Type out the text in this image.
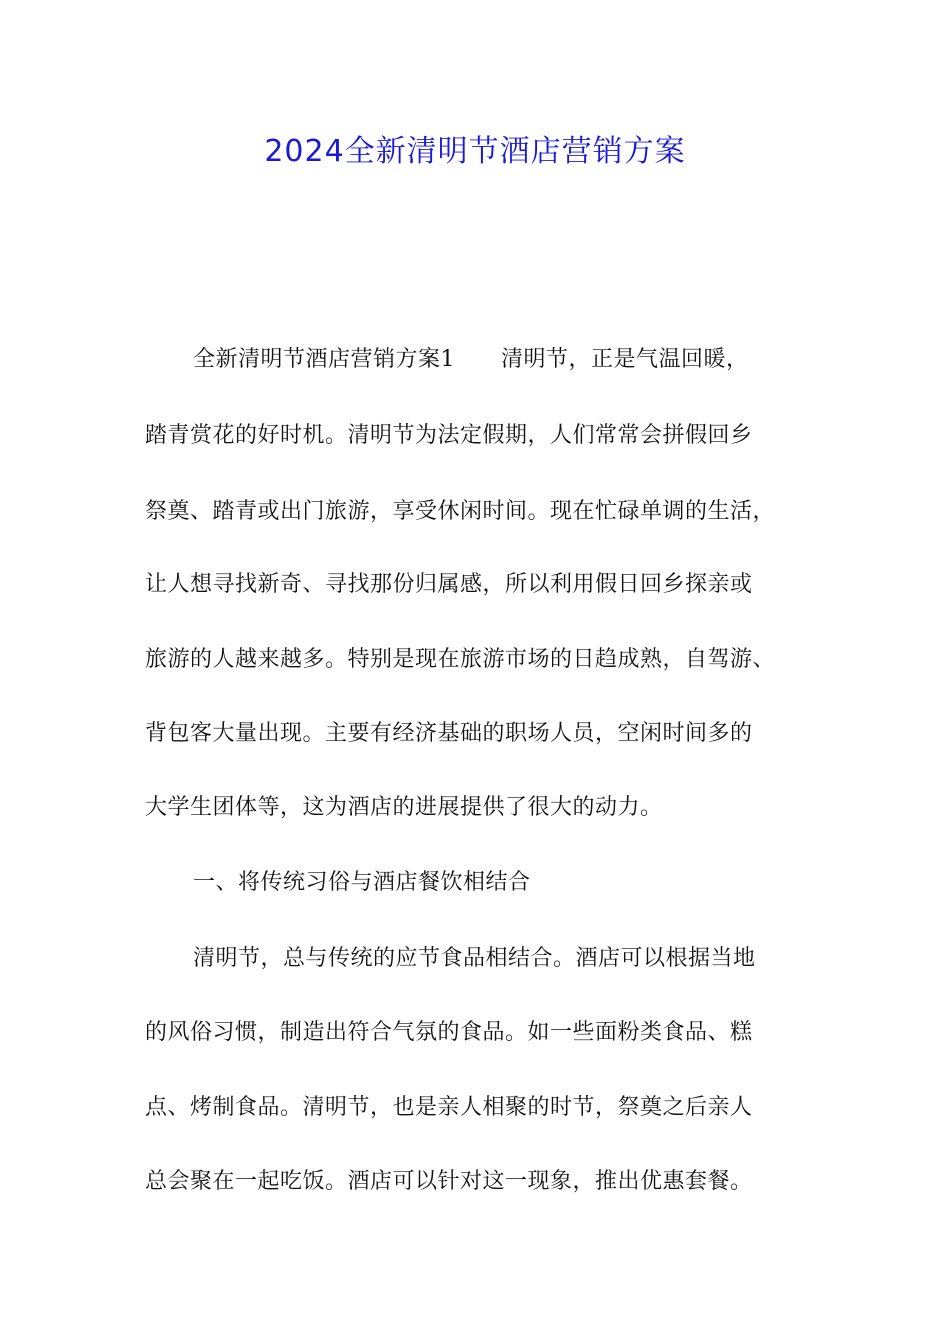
2024全新清明节酒店营销方案

全新清明节酒店营销方案1 清明节，正是气温回暖，

踏青赏花的好时机。清明节为法定假期，人们常常会拼假回乡

祭奠、踏青或出门旅游，享受休闲时间。现在忙碌单调的生活，

让人想寻找新奇、寻找那份归属感，所以利用假日回乡探亲或

旅游的人越来越多。特别是现在旅游市场的日趋成熟，自驾游、

背包客大量出现。主要有经济基础的职场人员，空闲时间多的

大学生团体等，这为酒店的进展提供了很大的动力。

一、将传统习俗与酒店餐饮相结合

清明节，总与传统的应节食品相结合。酒店可以根据当地

的风俗习惯，制造出符合气氛的食品。如一些面粉类食品、糕

点、烤制食品。清明节，也是亲人相聚的时节，祭奠之后亲人

总会聚在一起吃饭。酒店可以针对这一现象，推出优惠套餐。
